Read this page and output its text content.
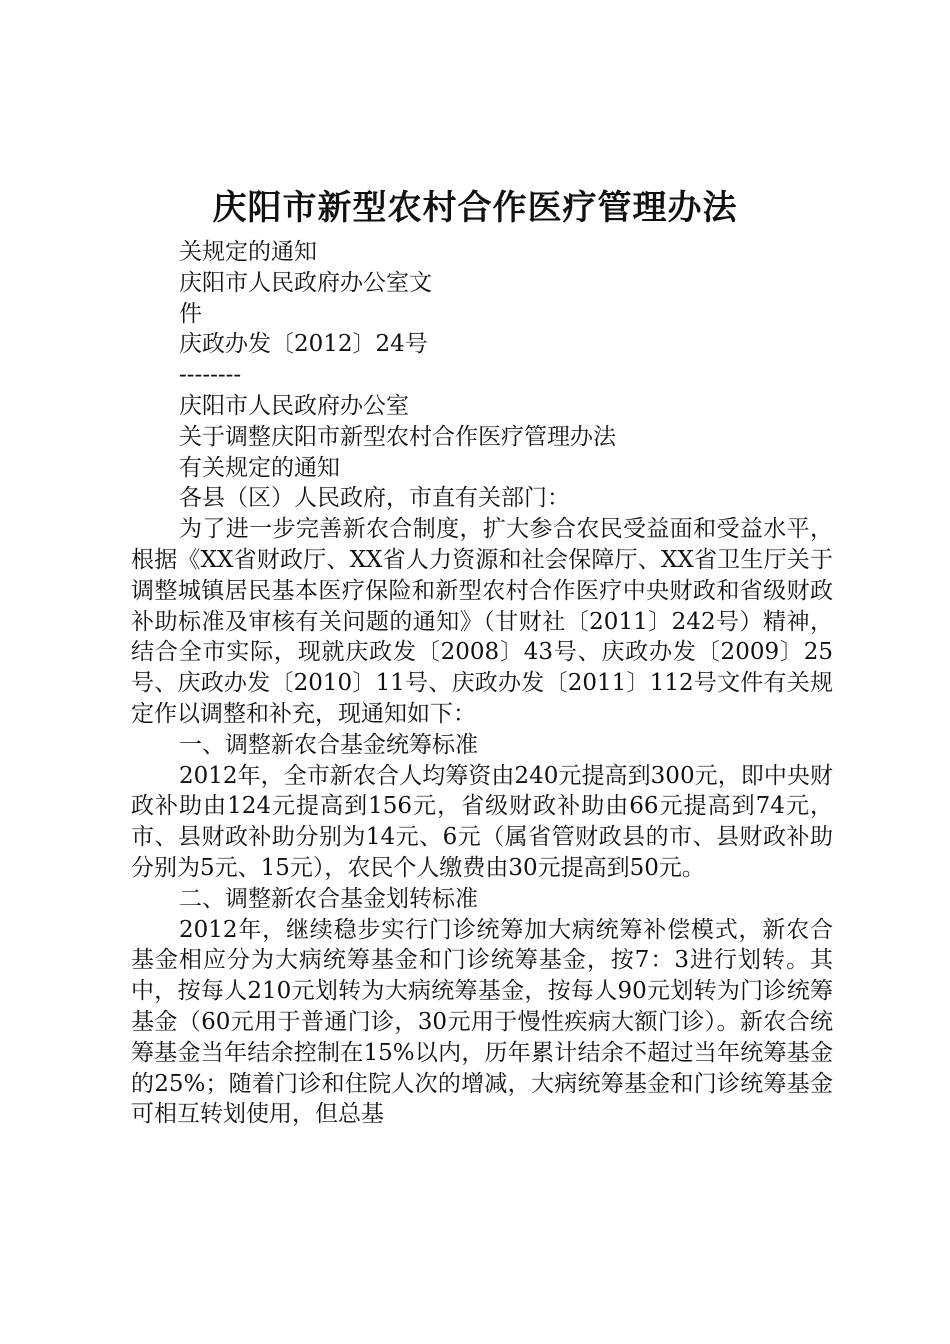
庆阳市新型农村合作医疗管理办法
关规定的通知
庆阳市人民政府办公室文
件
庆政办发〔2012〕24号
--------
庆阳市人民政府办公室
关于调整庆阳市新型农村合作医疗管理办法
有关规定的通知
各县（区）人民政府，市直有关部门：

为了进一步完善新农合制度，扩大参合农民受益面和受益水平，根据《XX省财政厅、XX省人力资源和社会保障厅、XX省卫生厅关于调整城镇居民基本医疗保险和新型农村合作医疗中央财政和省级财政补助标准及审核有关问题的通知》（甘财社〔2011〕242号）精神，结合全市实际，现就庆政发〔2008〕43号、庆政办发〔2009〕25号、庆政办发〔2010〕11号、庆政办发〔2011〕112号文件有关规定作以调整和补充，现通知如下：

一、调整新农合基金统筹标准

2012年，全市新农合人均筹资由240元提高到300元，即中央财政补助由124元提高到156元，省级财政补助由66元提高到74元，市、县财政补助分别为14元、6元（属省管财政县的市、县财政补助分别为5元、15元），农民个人缴费由30元提高到50元。

二、调整新农合基金划转标准

2012年，继续稳步实行门诊统筹加大病统筹补偿模式，新农合基金相应分为大病统筹基金和门诊统筹基金，按7：3进行划转。其中，按每人210元划转为大病统筹基金，按每人90元划转为门诊统筹基金（60元用于普通门诊，30元用于慢性疾病大额门诊）。新农合统筹基金当年结余控制在15%以内，历年累计结余不超过当年统筹基金的25%；随着门诊和住院人次的增减，大病统筹基金和门诊统筹基金可相互转划使用，但总基
